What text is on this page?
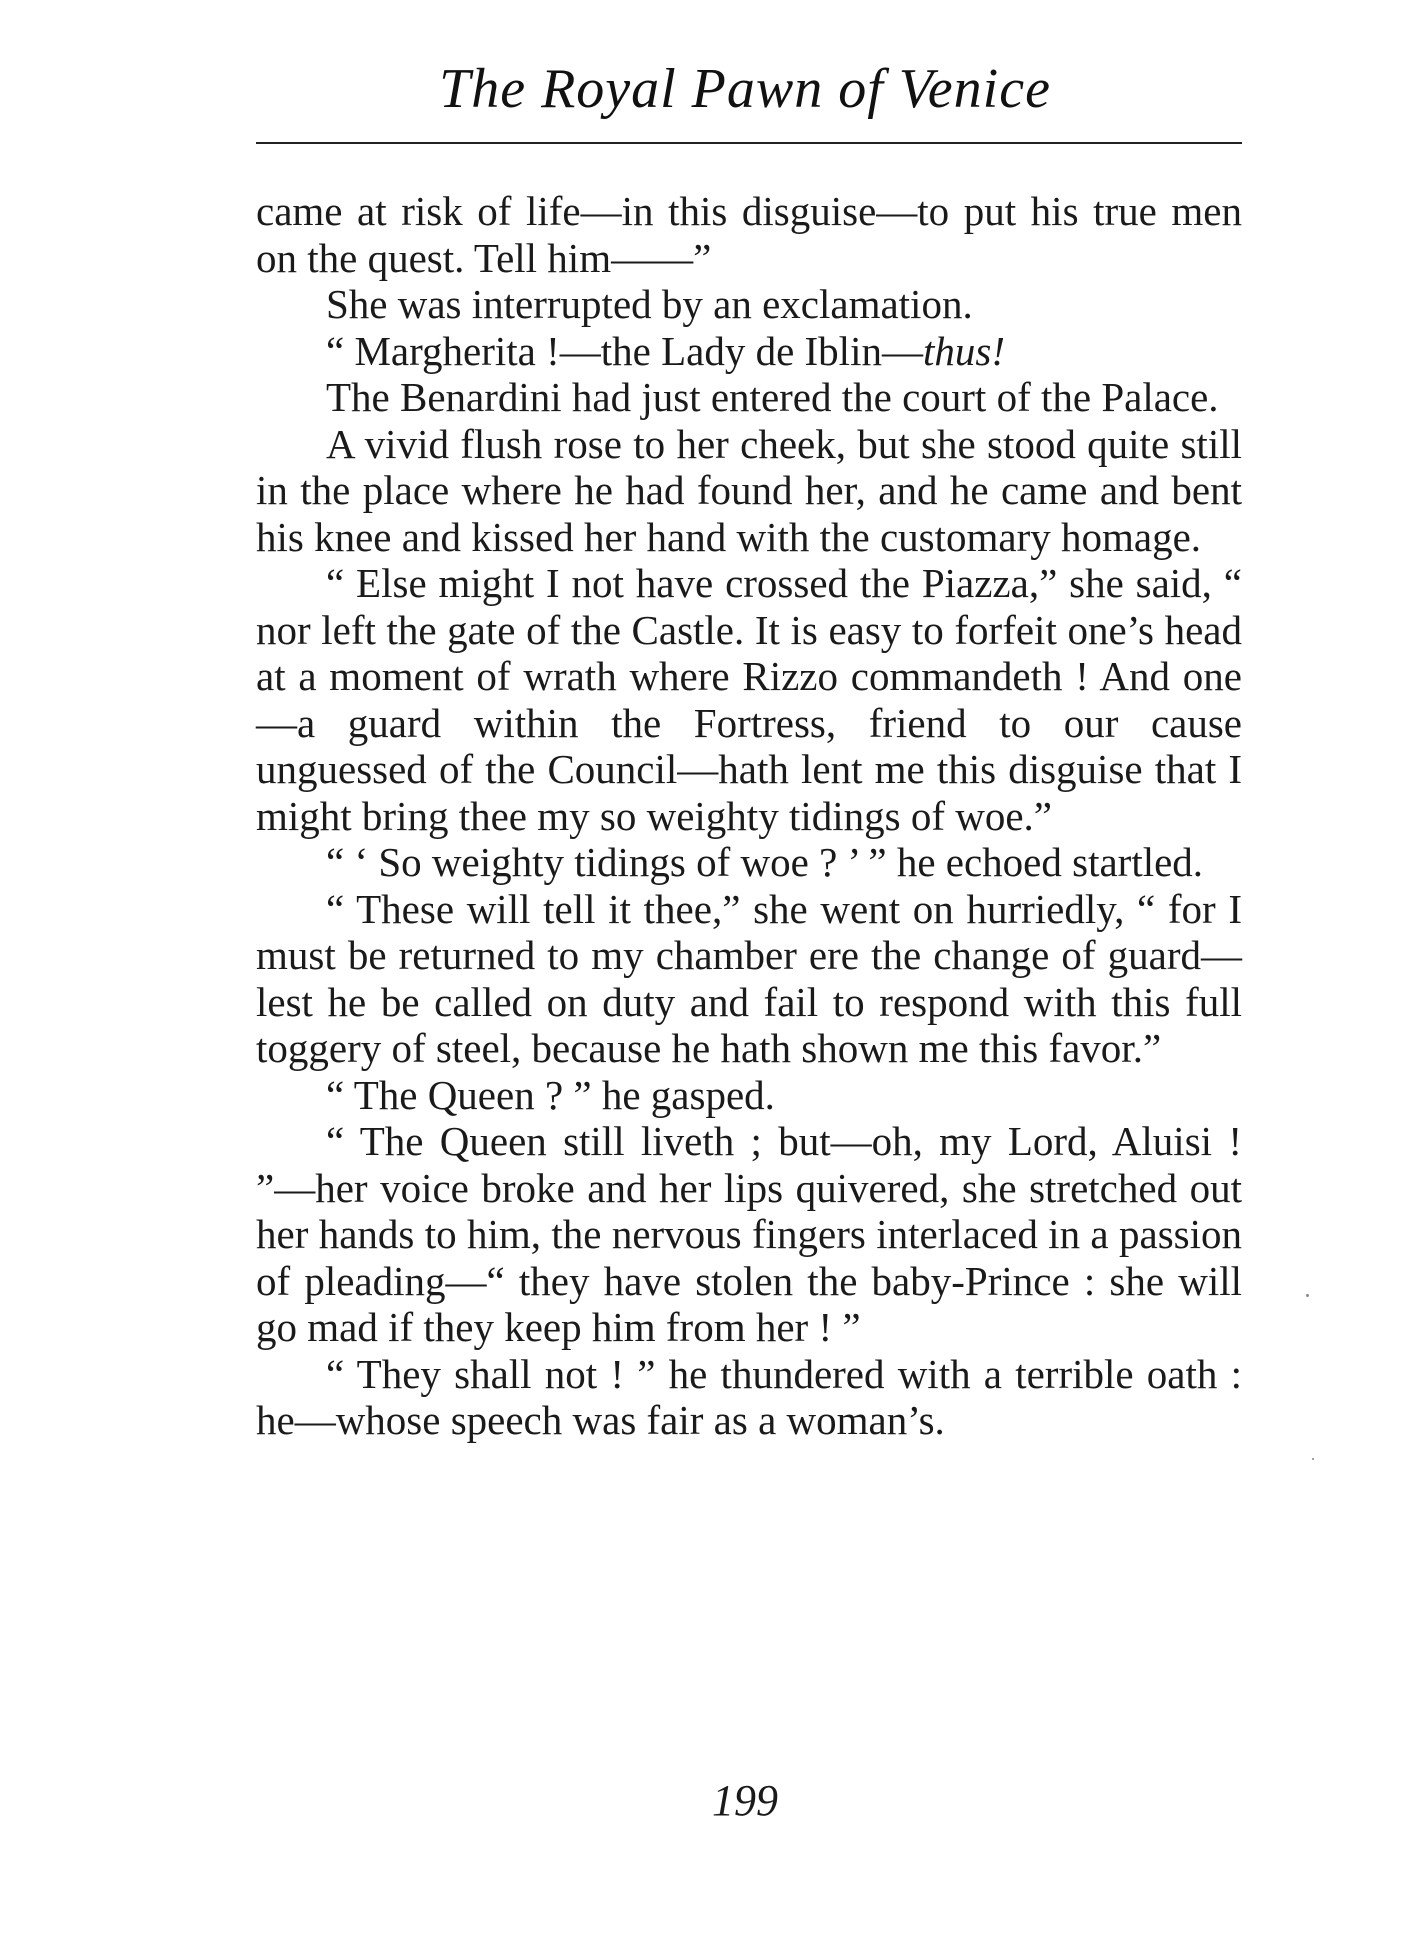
The Royal Pawn of Venice

came at risk of life—in this disguise—to put his true men on the quest. Tell him——”

She was interrupted by an exclamation.

“ Margherita !—the Lady de Iblin—thus!

The Benardini had just entered the court of the Palace.

A vivid flush rose to her cheek, but she stood quite still in the place where he had found her, and he came and bent his knee and kissed her hand with the customary homage.

“ Else might I not have crossed the Piazza,” she said, “ nor left the gate of the Castle. It is easy to forfeit one’s head at a moment of wrath where Rizzo commandeth ! And one—a guard within the Fortress, friend to our cause unguessed of the Council—hath lent me this disguise that I might bring thee my so weighty tidings of woe.”

“ ‘ So weighty tidings of woe ? ’ ” he echoed startled.

“ These will tell it thee,” she went on hurriedly, “ for I must be returned to my chamber ere the change of guard—lest he be called on duty and fail to respond with this full toggery of steel, because he hath shown me this favor.”

“ The Queen ? ” he gasped.

“ The Queen still liveth ; but—oh, my Lord, Aluisi ! ”—her voice broke and her lips quivered, she stretched out her hands to him, the nervous fingers interlaced in a passion of pleading—“ they have stolen the baby-Prince : she will go mad if they keep him from her ! ”

“ They shall not ! ” he thundered with a terrible oath : he—whose speech was fair as a woman’s.

199
